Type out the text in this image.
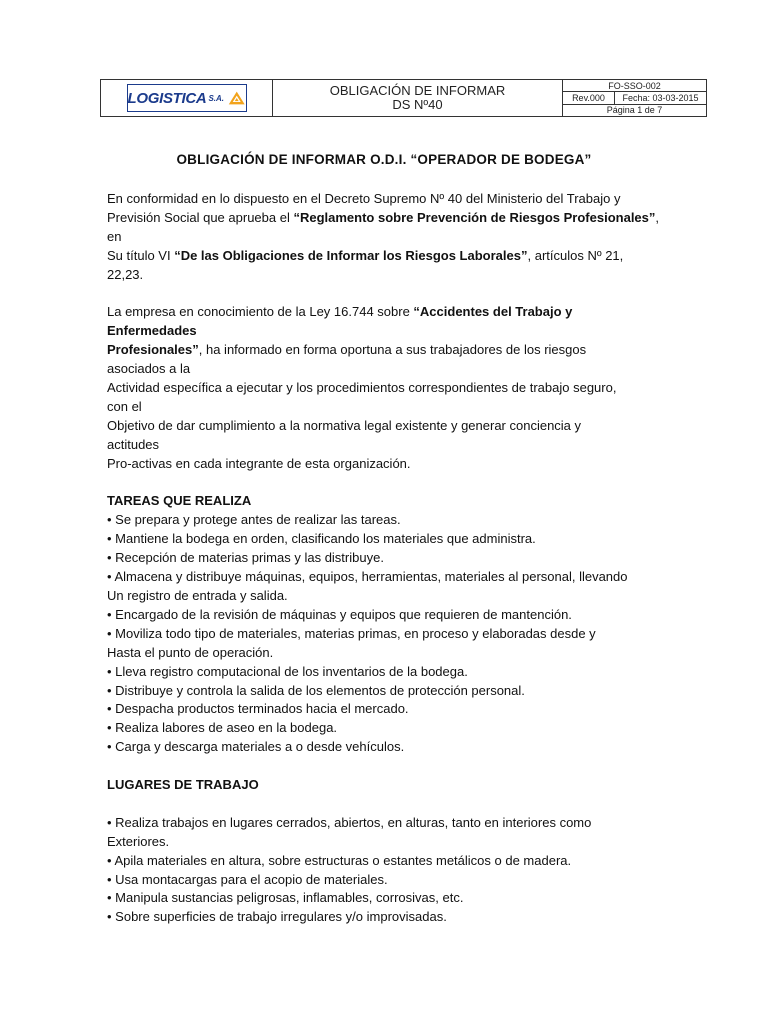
LOGISTICA S.A.	OBLIGACIÓN DE INFORMAR
DS Nº40
FO-SSO-002
Rev.000	Fecha: 03-03-2015
Página 1 de 7
OBLIGACIÓN DE INFORMAR O.D.I. “OPERADOR DE BODEGA”

En conformidad en lo dispuesto en el Decreto Supremo Nº 40 del Ministerio del Trabajo y

Previsión Social que aprueba el “Reglamento sobre Prevención de Riesgos Profesionales”,

en

Su título VI “De las Obligaciones de Informar los Riesgos Laborales”, artículos Nº 21,

22,23.

La empresa en conocimiento de la Ley 16.744 sobre “Accidentes del Trabajo y

Enfermedades

Profesionales”, ha informado en forma oportuna a sus trabajadores de los riesgos

asociados a la

Actividad específica a ejecutar y los procedimientos correspondientes de trabajo seguro,

con el

Objetivo de dar cumplimiento a la normativa legal existente y generar conciencia y

actitudes

Pro-activas en cada integrante de esta organización.

TAREAS QUE REALIZA

• Se prepara y protege antes de realizar las tareas.

• Mantiene la bodega en orden, clasificando los materiales que administra.

• Recepción de materias primas y las distribuye.

• Almacena y distribuye máquinas, equipos, herramientas, materiales al personal, llevando

Un registro de entrada y salida.

• Encargado de la revisión de máquinas y equipos que requieren de mantención.

• Moviliza todo tipo de materiales, materias primas, en proceso y elaboradas desde y

Hasta el punto de operación.

• Lleva registro computacional de los inventarios de la bodega.

• Distribuye y controla la salida de los elementos de protección personal.

• Despacha productos terminados hacia el mercado.

• Realiza labores de aseo en la bodega.

• Carga y descarga materiales a o desde vehículos.

LUGARES DE TRABAJO

• Realiza trabajos en lugares cerrados, abiertos, en alturas, tanto en interiores como

Exteriores.

• Apila materiales en altura, sobre estructuras o estantes metálicos o de madera.

• Usa montacargas para el acopio de materiales.

• Manipula sustancias peligrosas, inflamables, corrosivas, etc.

• Sobre superficies de trabajo irregulares y/o improvisadas.
